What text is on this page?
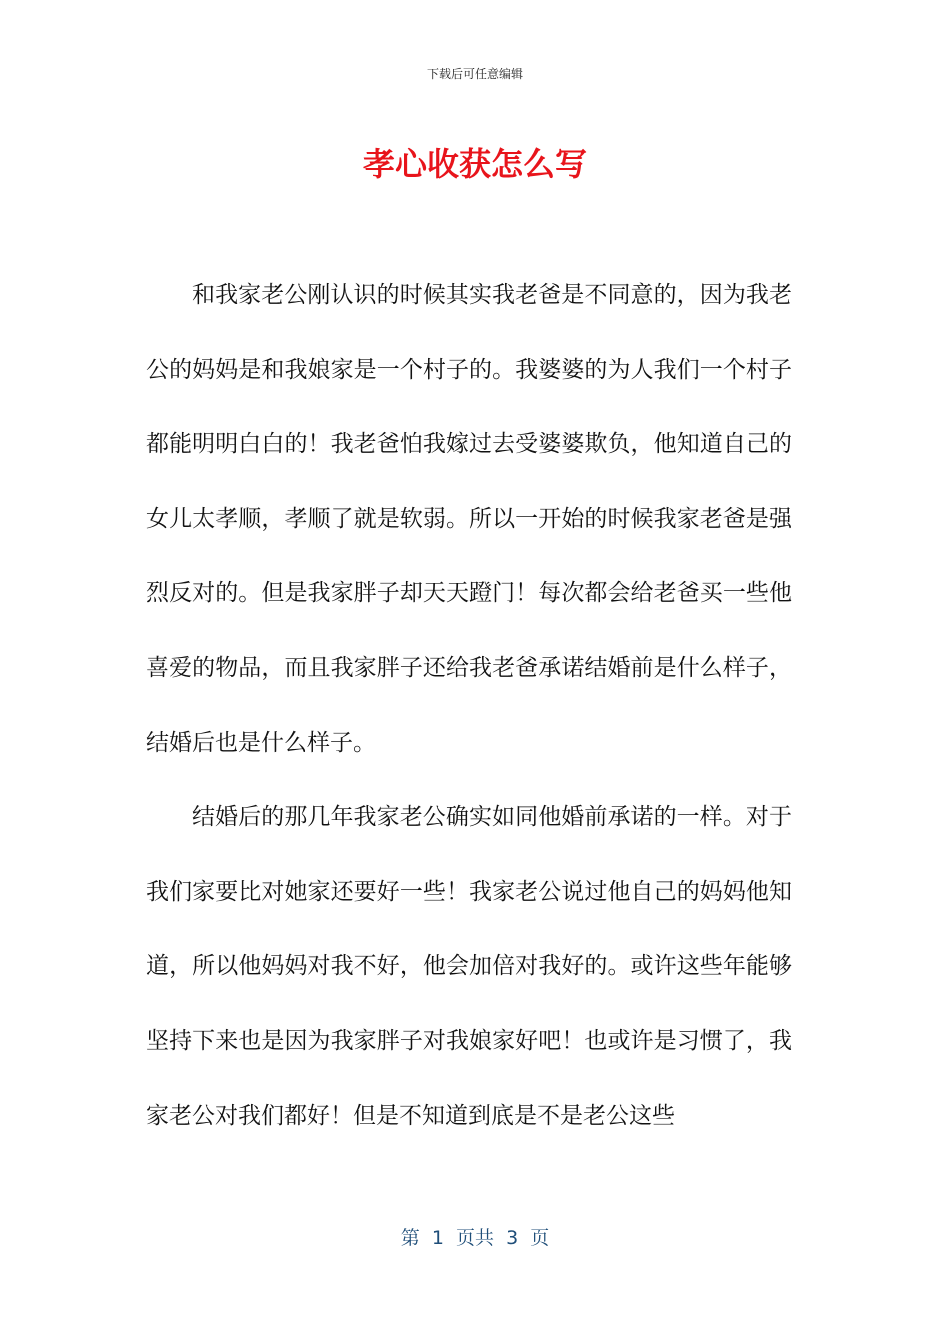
下载后可任意编辑
孝心收获怎么写

和我家老公刚认识的时候其实我老爸是不同意的，因为我老公的妈妈是和我娘家是一个村子的。我婆婆的为人我们一个村子都能明明白白的！我老爸怕我嫁过去受婆婆欺负，他知道自己的女儿太孝顺，孝顺了就是软弱。所以一开始的时候我家老爸是强烈反对的。但是我家胖子却天天蹬门！每次都会给老爸买一些他喜爱的物品，而且我家胖子还给我老爸承诺结婚前是什么样子，结婚后也是什么样子。

结婚后的那几年我家老公确实如同他婚前承诺的一样。对于我们家要比对她家还要好一些！我家老公说过他自己的妈妈他知道，所以他妈妈对我不好，他会加倍对我好的。或许这些年能够坚持下来也是因为我家胖子对我娘家好吧！也或许是习惯了，我家老公对我们都好！但是不知道到底是不是老公这些

第  1  页共  3  页
